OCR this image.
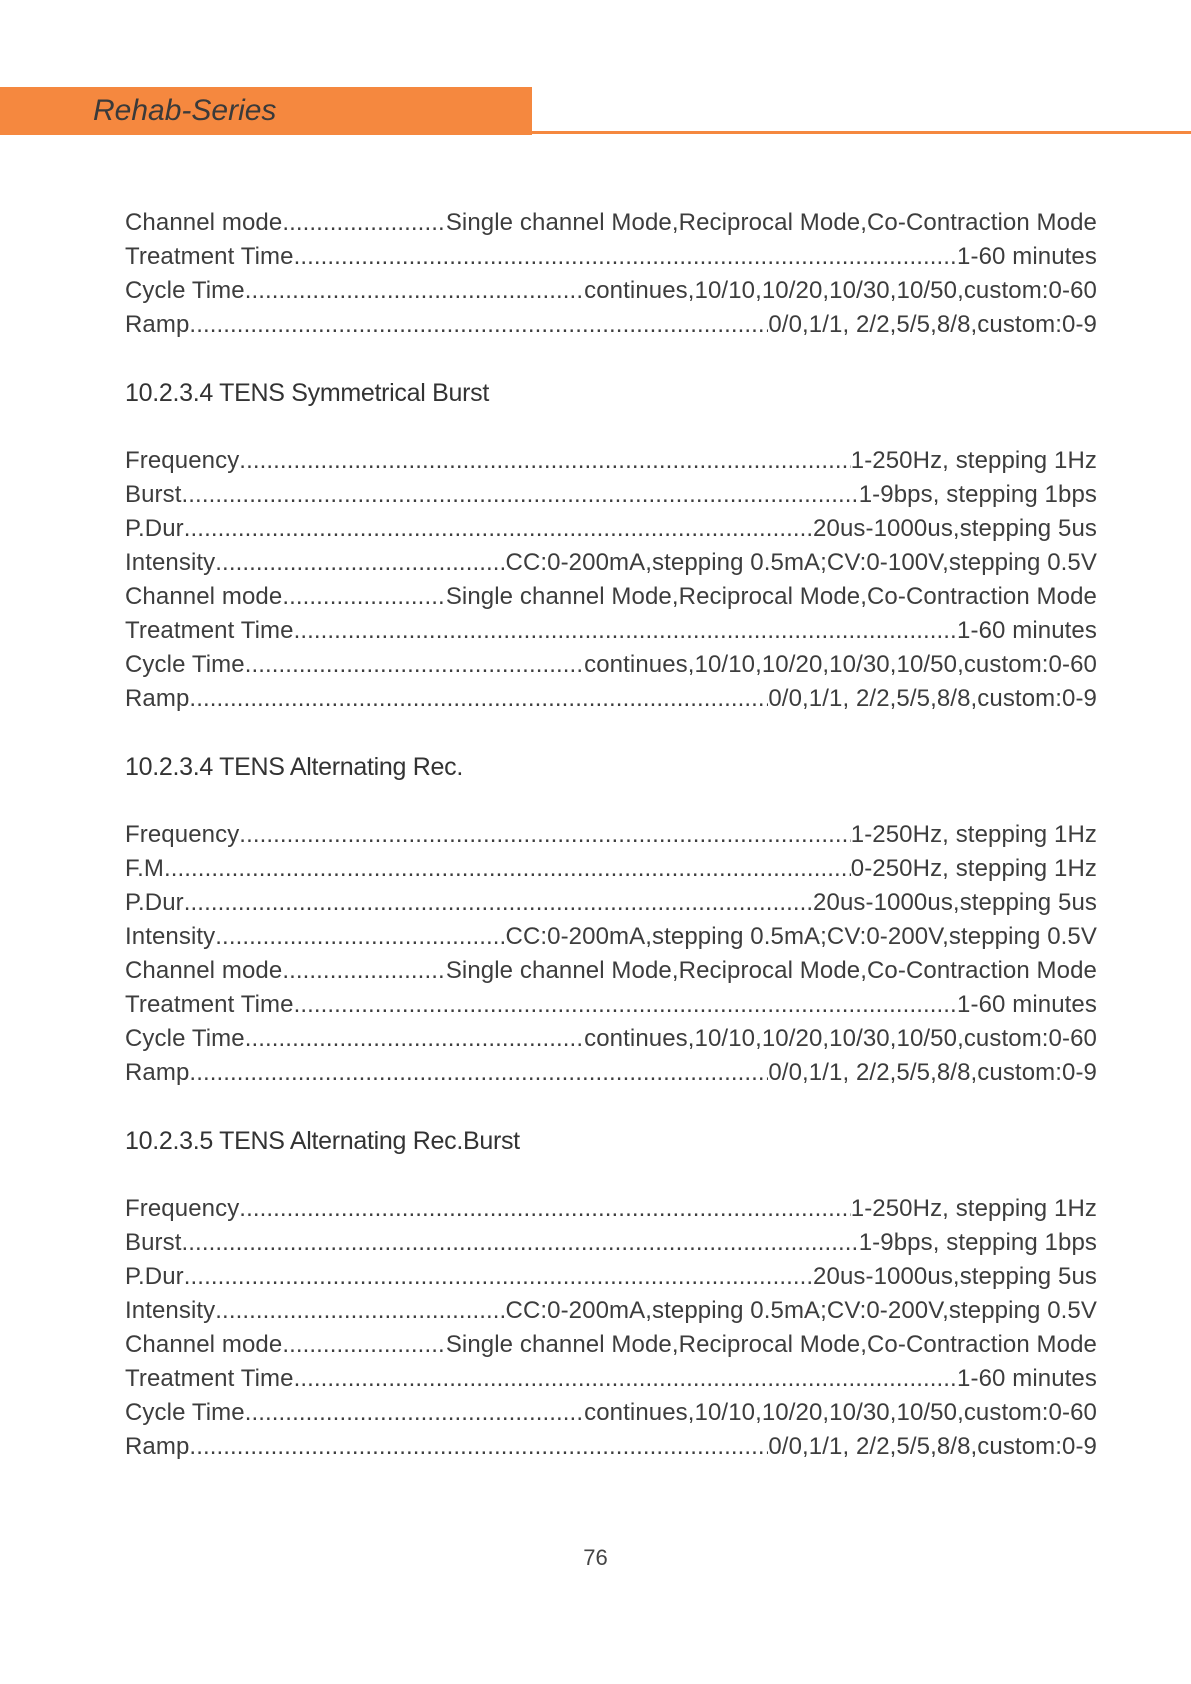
Rehab-Series
Channel mode .....	Single channel Mode,Reciprocal Mode,Co-Contraction Mode
Treatment Time .....	1-60 minutes
Cycle Time .....	continues,10/10,10/20,10/30,10/50,custom:0-60
Ramp .....	0/0,1/1, 2/2,5/5,8/8,custom:0-9
10.2.3.4 TENS Symmetrical Burst
Frequency .....	1-250Hz, stepping 1Hz
Burst .....	1-9bps, stepping 1bps
P.Dur .....	20us-1000us,stepping 5us
Intensity .....	CC:0-200mA,stepping 0.5mA;CV:0-100V,stepping 0.5V
Channel mode .....	Single channel Mode,Reciprocal Mode,Co-Contraction Mode
Treatment Time .....	1-60 minutes
Cycle Time .....	continues,10/10,10/20,10/30,10/50,custom:0-60
Ramp .....	0/0,1/1, 2/2,5/5,8/8,custom:0-9
10.2.3.4 TENS Alternating Rec.
Frequency .....	1-250Hz, stepping 1Hz
F.M .....	0-250Hz, stepping 1Hz
P.Dur .....	20us-1000us,stepping 5us
Intensity .....	CC:0-200mA,stepping 0.5mA;CV:0-200V,stepping 0.5V
Channel mode .....	Single channel Mode,Reciprocal Mode,Co-Contraction Mode
Treatment Time .....	1-60 minutes
Cycle Time .....	continues,10/10,10/20,10/30,10/50,custom:0-60
Ramp .....	0/0,1/1, 2/2,5/5,8/8,custom:0-9
10.2.3.5 TENS Alternating Rec.Burst
Frequency .....	1-250Hz, stepping 1Hz
Burst .....	1-9bps, stepping 1bps
P.Dur .....	20us-1000us,stepping 5us
Intensity .....	CC:0-200mA,stepping 0.5mA;CV:0-200V,stepping 0.5V
Channel mode .....	Single channel Mode,Reciprocal Mode,Co-Contraction Mode
Treatment Time .....	1-60 minutes
Cycle Time .....	continues,10/10,10/20,10/30,10/50,custom:0-60
Ramp .....	0/0,1/1, 2/2,5/5,8/8,custom:0-9
76
